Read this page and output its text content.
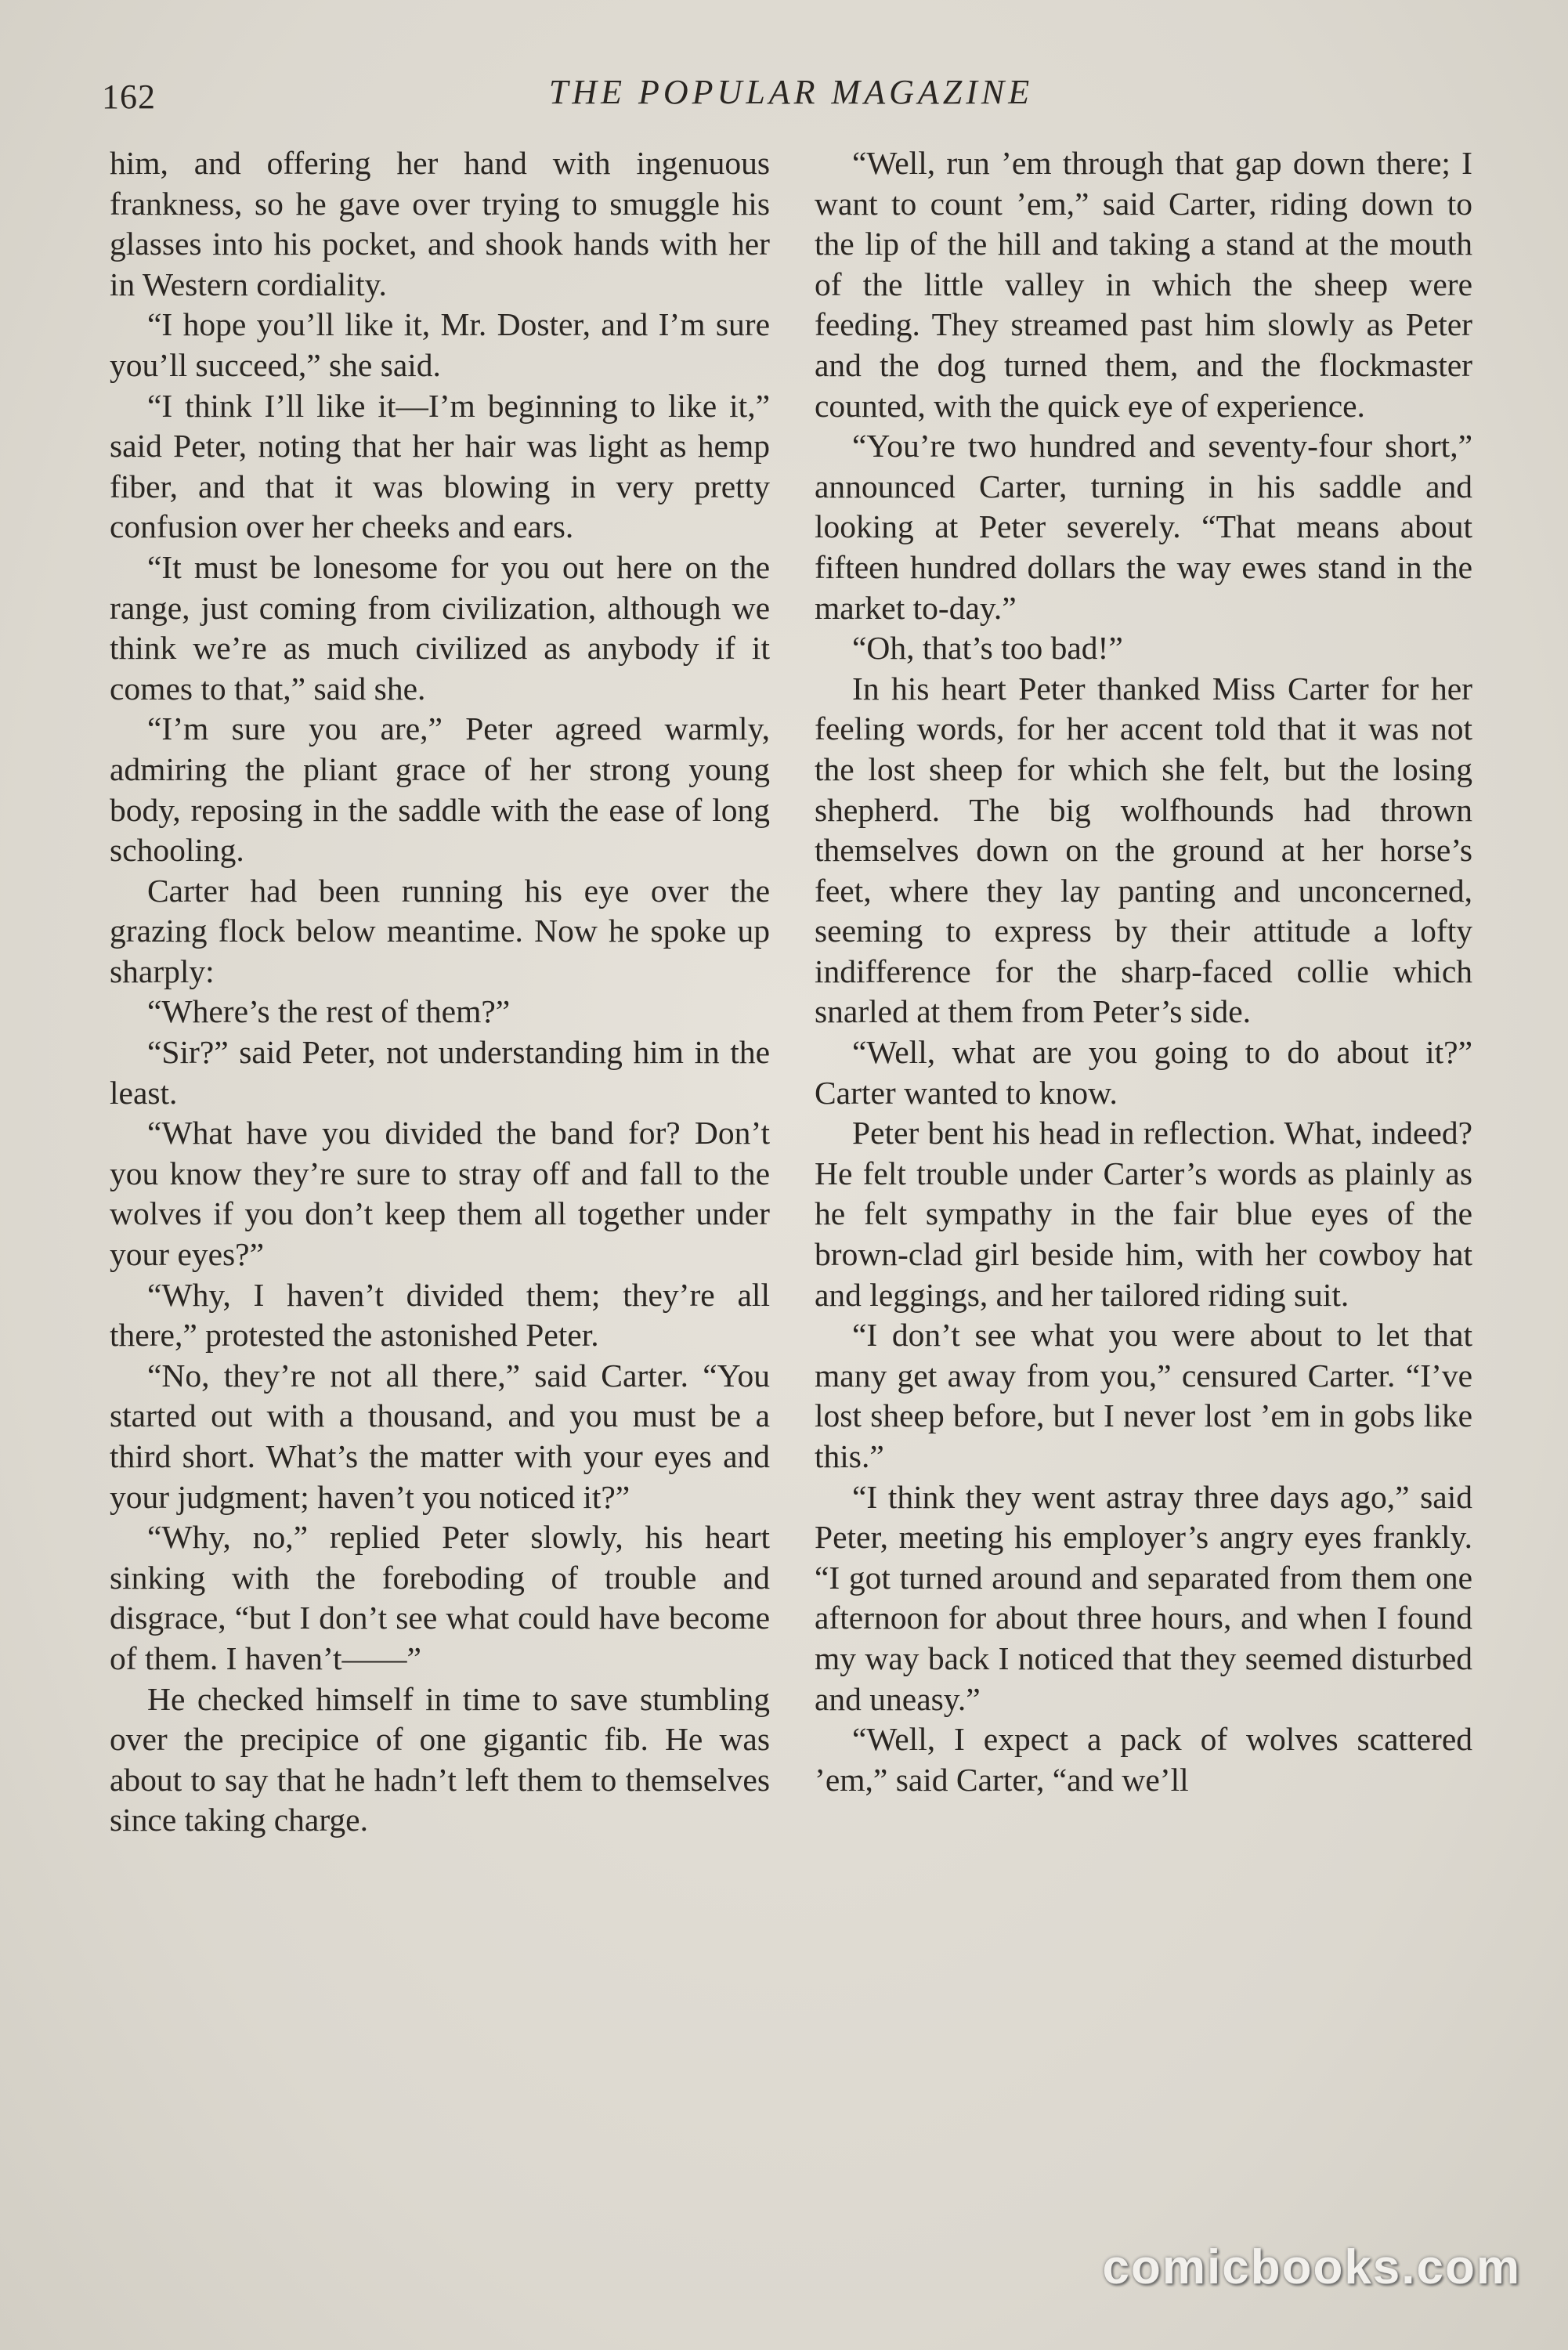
162	THE POPULAR MAGAZINE

him, and offering her hand with ingenuous frankness, so he gave over trying to smuggle his glasses into his pocket, and shook hands with her in Western cordiality.

“I hope you’ll like it, Mr. Doster, and I’m sure you’ll succeed,” she said.

“I think I’ll like it—I’m beginning to like it,” said Peter, noting that her hair was light as hemp fiber, and that it was blowing in very pretty confusion over her cheeks and ears.

“It must be lonesome for you out here on the range, just coming from civilization, although we think we’re as much civilized as anybody if it comes to that,” said she.

“I’m sure you are,” Peter agreed warmly, admiring the pliant grace of her strong young body, reposing in the saddle with the ease of long schooling.

Carter had been running his eye over the grazing flock below meantime. Now he spoke up sharply:

“Where’s the rest of them?”

“Sir?” said Peter, not understanding him in the least.

“What have you divided the band for? Don’t you know they’re sure to stray off and fall to the wolves if you don’t keep them all together under your eyes?”

“Why, I haven’t divided them; they’re all there,” protested the astonished Peter.

“No, they’re not all there,” said Carter. “You started out with a thousand, and you must be a third short. What’s the matter with your eyes and your judgment; haven’t you noticed it?”

“Why, no,” replied Peter slowly, his heart sinking with the foreboding of trouble and disgrace, “but I don’t see what could have become of them. I haven’t——”

He checked himself in time to save stumbling over the precipice of one gigantic fib. He was about to say that he hadn’t left them to themselves since taking charge.

“Well, run ’em through that gap down there; I want to count ’em,” said Carter, riding down to the lip of the hill and taking a stand at the mouth of the little valley in which the sheep were feeding. They streamed past him slowly as Peter and the dog turned them, and the flockmaster counted, with the quick eye of experience.

“You’re two hundred and seventy-four short,” announced Carter, turning in his saddle and looking at Peter severely. “That means about fifteen hundred dollars the way ewes stand in the market to-day.”

“Oh, that’s too bad!”

In his heart Peter thanked Miss Carter for her feeling words, for her accent told that it was not the lost sheep for which she felt, but the losing shepherd. The big wolfhounds had thrown themselves down on the ground at her horse’s feet, where they lay panting and unconcerned, seeming to express by their attitude a lofty indifference for the sharp-faced collie which snarled at them from Peter’s side.

“Well, what are you going to do about it?” Carter wanted to know.

Peter bent his head in reflection. What, indeed? He felt trouble under Carter’s words as plainly as he felt sympathy in the fair blue eyes of the brown-clad girl beside him, with her cowboy hat and leggings, and her tailored riding suit.

“I don’t see what you were about to let that many get away from you,” censured Carter. “I’ve lost sheep before, but I never lost ’em in gobs like this.”

“I think they went astray three days ago,” said Peter, meeting his employer’s angry eyes frankly. “I got turned around and separated from them one afternoon for about three hours, and when I found my way back I noticed that they seemed disturbed and uneasy.”

“Well, I expect a pack of wolves scattered ’em,” said Carter, “and we’ll

comicbooks.com
